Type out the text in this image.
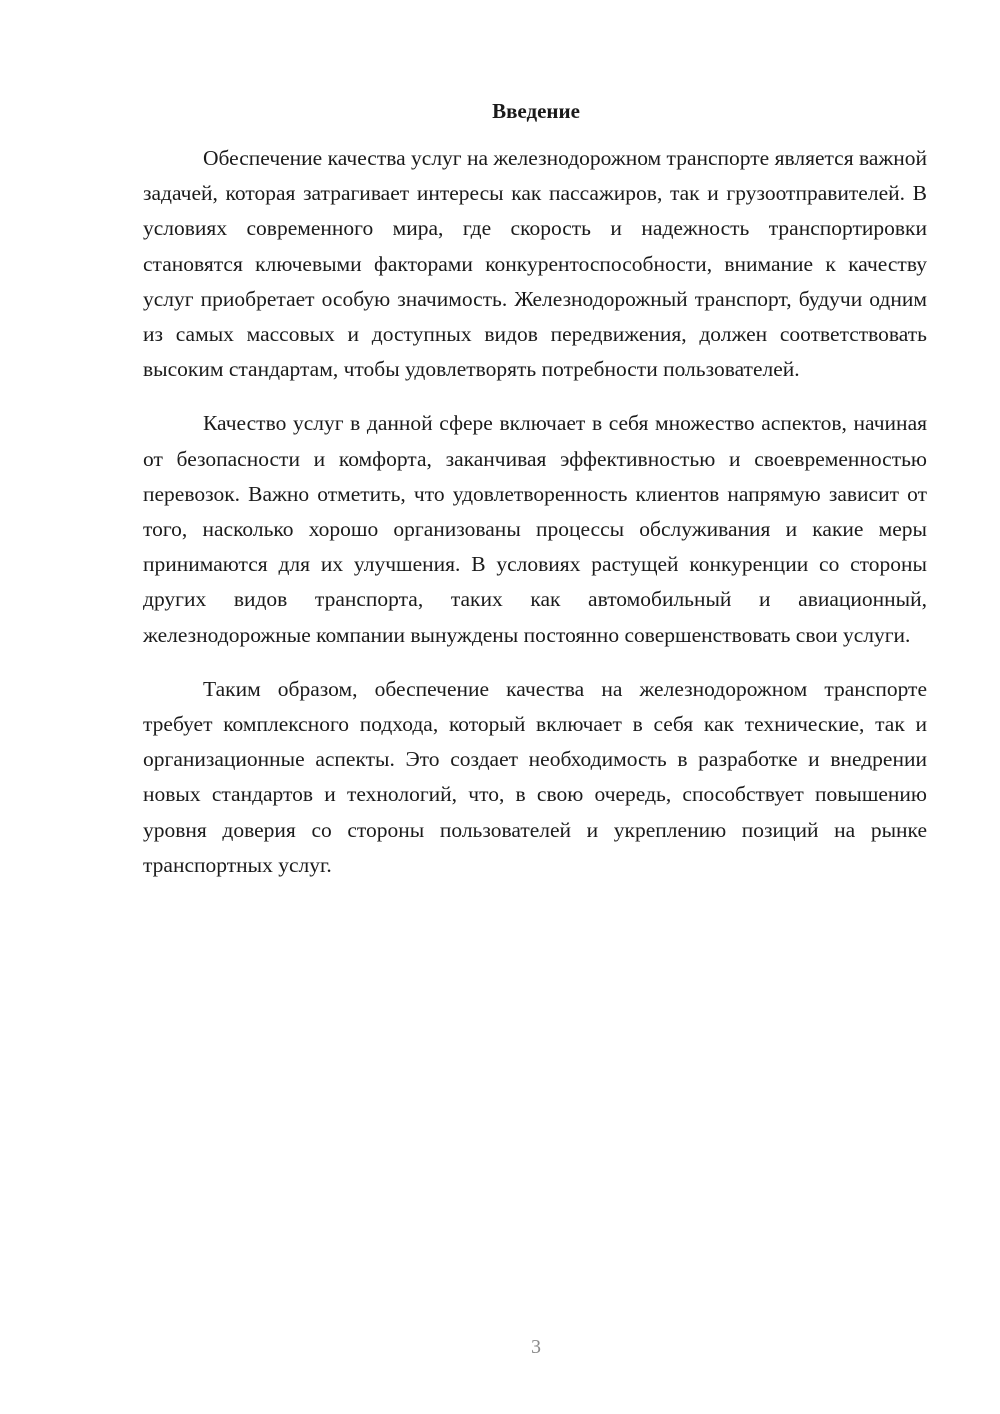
Введение

Обеспечение качества услуг на железнодорожном транспорте является важной задачей, которая затрагивает интересы как пассажиров, так и грузоотправителей. В условиях современного мира, где скорость и надежность транспортировки становятся ключевыми факторами конкурентоспособности, внимание к качеству услуг приобретает особую значимость. Железнодорожный транспорт, будучи одним из самых массовых и доступных видов передвижения, должен соответствовать высоким стандартам, чтобы удовлетворять потребности пользователей.

Качество услуг в данной сфере включает в себя множество аспектов, начиная от безопасности и комфорта, заканчивая эффективностью и своевременностью перевозок. Важно отметить, что удовлетворенность клиентов напрямую зависит от того, насколько хорошо организованы процессы обслуживания и какие меры принимаются для их улучшения. В условиях растущей конкуренции со стороны других видов транспорта, таких как автомобильный и авиационный, железнодорожные компании вынуждены постоянно совершенствовать свои услуги.

Таким образом, обеспечение качества на железнодорожном транспорте требует комплексного подхода, который включает в себя как технические, так и организационные аспекты. Это создает необходимость в разработке и внедрении новых стандартов и технологий, что, в свою очередь, способствует повышению уровня доверия со стороны пользователей и укреплению позиций на рынке транспортных услуг.

3
